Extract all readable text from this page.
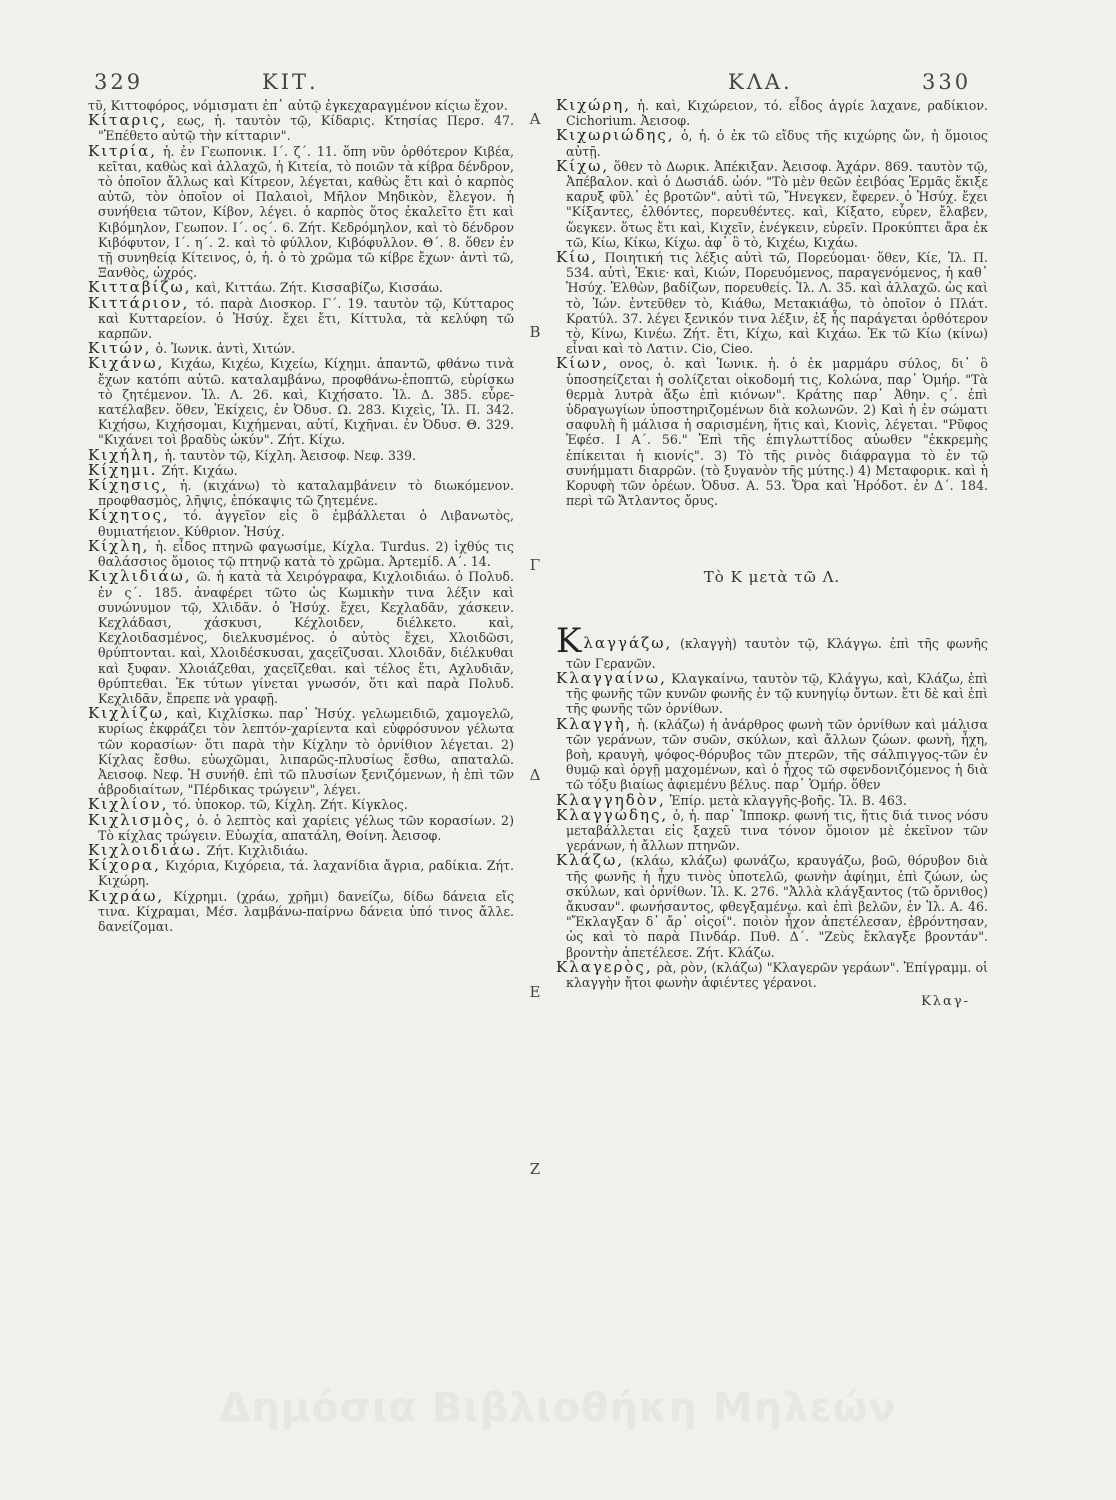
329	ΚΙΤ.	ΚΛΑ.	330

τῦ, Κιττοφόρος, νόμισματι ἐπ᾽ αὐτῷ ἐγκεχαραγμένον κίςιω ἔχον.

Κίταρις, εως, ἡ. ταυτὸν τῷ, Κίδαρις. Κτησίας Περσ. 47. "Ἐπέθετο αὐτῷ τὴν κίτταριν".

Κιτρία, ἡ. ἐν Γεωπονικ. Ι΄. ζ΄. 11. ὅπη νῦν ὀρθότερον Κιβέα, κεῖται, καθὼς καὶ ἀλλαχῶ, ἡ Κιτεία, τὸ ποιῶν τὰ κίβρα δένδρον, τὸ ὁποῖον ἄλλως καὶ Κίτρεον, λέγεται, καθὼς ἔτι καὶ ὁ καρπὸς αὐτῶ, τὸν ὁποῖον οἱ Παλαιοὶ, Μῆλον Μηδικὸν, ἔλεγον. ἡ συνήθεια τῶτον, Κίβον, λέγει. ὁ καρπὸς ὅτος ἐκαλεῖτο ἔτι καὶ Κιβόμηλον, Γεωπον. Ι΄. ος΄. 6. Ζήτ. Κεδρόμηλον, καὶ τὸ δένδρον Κιβόφυτον, Ι΄. η΄. 2. καὶ τὸ φύλλον, Κιβόφυλλον. Θ΄. 8. ὅθεν ἐν τῇ συνηθείᾳ Κίτεινος, ὁ, ἡ. ὁ τὸ χρῶμα τῶ κίβρε ἔχων· ἀντὶ τῶ, Ξανθὸς, ὠχρός.

Κιτταβίζω, καὶ, Κιττάω. Ζήτ. Κισσαβίζω, Κισσάω.

Κιττάριον, τό. παρὰ Διοσκορ. Γ΄. 19. ταυτὸν τῷ, Κύτταρος καὶ Κυτταρείον. ὁ Ἡσύχ. ἔχει ἔτι, Κίττυλα, τὰ κελύφη τῶ καρπῶν.

Κιτών, ὁ. Ἰωνικ. ἀντὶ, Χιτών.

Κιχάνω, Κιχάω, Κιχέω, Κιχείω, Κίχημι. ἀπαντῶ, φθάνω τινὰ ἔχων κατόπι αὐτῶ. καταλαμβάνω, προφθάνω-ἐποπτῶ, εὑρίσκω τὸ ζητέμενον. Ἰλ. Λ. 26. καὶ, Κιχήσατο. Ἰλ. Δ. 385. εὗρε-κατέλαβεν. ὅθεν, Ἐκίχεις, ἐν Ὀδυσ. Ω. 283. Κιχεὶς, Ἰλ. Π. 342. Κιχήσω, Κιχήσομαι, Κιχήμεναι, αὐτί, Κιχῆναι. ἐν Ὀδυσ. Θ. 329. "Κιχάνει τοὶ βραδὺς ὠκύν". Ζήτ. Κίχω.

Κιχήλη, ἡ. ταυτὸν τῷ, Κίχλη. Ἀεισοφ. Νεφ. 339.

Κίχημι. Ζήτ. Κιχάω.

Κίχησις, ἡ. (κιχάνω) τὸ καταλαμβάνειν τὸ διωκόμενον. προφθασμὸς, λῆψις, ἐπόκαψις τῶ ζητεμένε.

Κίχητος, τό. ἀγγεῖον εἰς ὃ ἐμβάλλεται ὁ Λιβανωτὸς, θυμιατήειον. Κύθριον. Ἡσύχ.

Κίχλη, ἡ. εἶδος πτηνῶ φαγωσίμε, Κίχλα. Turdus. 2) ἰχθύς τις θαλάσσιος ὅμοιος τῷ πτηνῷ κατὰ τὸ χρῶμα. Ἀρτεμίδ. Α΄. 14.

Κιχλιδιάω, ῶ. ἡ κατὰ τὰ Χειρόγραφα, Κιχλοιδιάω. ὁ Πολυδ. ἐν ς΄. 185. ἀναφέρει τῶτο ὡς Κωμικὴν τινα λέξιν καὶ συνώνυμον τῷ, Χλιδᾶν. ὁ Ἡσύχ. ἔχει, Κεχλαδᾶν, χάσκειν. Κεχλάδασι, χάσκυσι, Κέχλοιδεν, διέλκετο. καὶ, Κεχλοιδασμένος, διελκυσμένος. ὁ αὐτὸς ἔχει, Χλοιδῶσι, θρύπτονται. καὶ, Χλοιδέσκυσαι, χαςεῖζυσαι. Χλοιδᾶν, διέλκυθαι καὶ ξυφαν. Χλοιάζεθαι, χαςεῖζεθαι. καὶ τέλος ἔτι, Αχλυδιᾶν, θρύπτεθαι. Ἐκ τύτων γίνεται γνωσόν, ὅτι καὶ παρὰ Πολυδ. Κεχλιδᾶν, ἔπρεπε νὰ γραφῇ.

Κιχλίζω, καὶ, Κιχλίσκω. παρ᾽ Ἡσύχ. γελωμειδιῶ, χαμογελῶ, κυρίως ἐκφράζει τὸν λεπτόν-χαρίεντα καὶ εὐφρόσυνον γέλωτα τῶν κορασίων· ὅτι παρὰ τὴν Κίχλην τὸ ὀρνίθιον λέγεται. 2) Κίχλας ἔσθω. εὐωχῶμαι, λιπαρῶς-πλυσίως ἔσθω, απαταλῶ. Ἀεισοφ. Νεφ. Ἡ συνήθ. ἐπὶ τῶ πλυσίων ξενιζόμενων, ἡ ἐπὶ τῶν ἁβροδιαίτων, "Πέρδικας τρώγειν", λέγει.

Κιχλίον, τό. ὑποκορ. τῶ, Κίχλη. Ζήτ. Κίγκλος.

Κιχλισμὸς, ὁ. ὁ λεπτὸς καὶ χαρίεις γέλως τῶν κορασίων. 2) Τὸ κίχλας τρώγειν. Εὐωχία, απατάλη, Θοίνη. Ἀεισοφ.

Κιχλοιδιάω. Ζήτ. Κιχλιδιάω.

Κίχορα, Κιχόρια, Κιχόρεια, τά. λαχανίδια ἄγρια, ραδίκια. Ζήτ. Κιχώρη.

Κιχράω, Κίχρημι. (χράω, χρῆμι) δανείζω, δίδω δάνεια εἴς τινα. Κίχραμαι, Μέσ. λαμβάνω-παίρνω δάνεια ὑπό τινος ἄλλε. δανείζομαι.

A
B
Γ
Δ
E
Z

Κιχώρη, ἡ. καὶ, Κιχώρειον, τό. εἶδος ἀγρίε λαχανε, ραδίκιον. Cichorium. Ἀεισοφ.

Κιχωριώδης, ὁ, ἡ. ὁ ἐκ τῶ εἴδυς τῆς κιχώρης ὤν, ἡ ὅμοιος αὐτῇ.

Κίχω, ὅθεν τὸ Δωρικ. Ἀπέκιξαν. Ἀεισοφ. Ἀχάρν. 869. ταυτὸν τῷ, Ἀπέβαλον. καὶ ὁ Δωσιάδ. ὠόν. "Τὸ μὲν θεῶν ἐειβόας Ἑρμᾶς ἔκιξε καρυξ φῦλ᾽ ἐς βροτῶν". αὐτὶ τῶ, Ἤνεγκεν, ἔφερεν. ὁ Ἡσύχ. ἔχει "Κίξαντες, ἐλθόντες, πορευθέντες. καὶ, Κίξατο, εὗρεν, ἔλαβεν, ὥεγκεν. ὅτως ἔτι καὶ, Κιχεῖν, ἐνέγκειν, εὑρεῖν. Προκύπτει ἄρα ἐκ τῶ, Κίω, Κίκω, Κίχω. ἀφ᾽ ὃ τὸ, Κιχέω, Κιχάω.

Κίω, Ποιητική τις λέξις αὐτὶ τῶ, Πορεύομαι· ὅθεν, Κίε, Ἰλ. Π. 534. αὐτὶ, Ἐκιε· καὶ, Κιών, Πορευόμενος, παραγενόμενος, ἡ καθ᾽ Ἡσύχ. Ἐλθὼν, βαδίζων, πορευθείς. Ἰλ. Λ. 35. καὶ ἀλλαχῶ. ὡς καὶ τὸ, Ἰών. ἐντεῦθεν τὸ, Κιάθω, Μετακιάθω, τὸ ὁποῖον ὁ Πλάτ. Κρατύλ. 37. λέγει ξενικόν τινα λέξιν, ἐξ ἧς παράγεται ὀρθότερον τὸ, Κίνω, Κινέω. Ζήτ. ἔτι, Κίχω, καὶ Κιχάω. Ἐκ τῶ Κίω (κίνω) εἶναι καὶ τὸ Λατιν. Cio, Cieo.

Κίων, ονος, ὁ. καὶ Ἰωνικ. ἡ. ὁ ἐκ μαρμάρυ σύλος, δι᾽ ὃ ὑποσηείζεται ἡ σολίζεται οἰκοδομή τις, Κολώνα, παρ᾽ Ὁμήρ. "Τὰ θερμὰ λυτρὰ ἄξω ἐπὶ κιόνων". Κράτης παρ᾽ Ἀθην. ς΄. ἐπὶ ὑδραγωγίων ὑποστηριζομένων διὰ κολωνῶν. 2) Καὶ ἡ ἐν σώματι σαφυλὴ ἢ μάλισα ἡ σαρισμένη, ἥτις καὶ, Κιονὶς, λέγεται. "Ρῦφος Ἐφέσ. Ι Α΄. 56." Ἐπὶ τῆς ἐπιγλωττίδος αὐωθεν "ἐκκρεμὴς ἐπίκειται ἡ κιονίς". 3) Τὸ τῆς ρινὸς διάφραγμα τὸ ἐν τῷ συνήμματι διαρρῶν. (τὸ ξυγανὸν τῆς μύτης.) 4) Μεταφορικ. καὶ ἡ Κορυφὴ τῶν ὀρέων. Ὀδυσ. Α. 53. Ὄρα καὶ Ἡρόδοτ. ἐν Δ΄. 184. περὶ τῶ Ἄτλαντος ὄρυς.

Τὸ Κ μετὰ τῶ Λ.

Κλαγγάζω, (κλαγγὴ) ταυτὸν τῷ, Κλάγγω. ἐπὶ τῆς φωνῆς τῶν Γερανῶν.

Κλαγγαίνω, Κλαγκαίνω, ταυτὸν τῷ, Κλάγγω, καὶ, Κλάζω, ἐπὶ τῆς φωνῆς τῶν κυνῶν φωνῆς ἐν τῷ κυνηγίῳ ὄντων. ἔτι δὲ καὶ ἐπὶ τῆς φωνῆς τῶν ὀρνίθων.

Κλαγγὴ, ἡ. (κλάζω) ἡ ἀνάρθρος φωνὴ τῶν ὀρνίθων καὶ μάλισα τῶν γεράνων, τῶν συῶν, σκύλων, καὶ ἄλλων ζώων. φωνὴ, ἦχη, βοὴ, κραυγὴ, ψόφος-θόρυβος τῶν πτερῶν, τῆς σάλπιγγος-τῶν ἐν θυμῷ καὶ ὀργῇ μαχομένων, καὶ ὁ ἦχος τῶ σφενδονιζόμενος ἡ διὰ τῶ τόξυ βιαίως ἀφιεμένυ βέλυς. παρ᾽ Ὁμήρ. ὅθεν

Κλαγγηδὸν, Ἐπίρ. μετὰ κλαγγῆς-βοῆς. Ἰλ. Β. 463.

Κλαγγώδης, ὁ, ἡ. παρ᾽ Ἱπποκρ. φωνή τις, ἥτις διά τινος νόσυ μεταβάλλεται εἰς ξαχεῦ τινα τόνον ὅμοιον μὲ ἐκεῖνον τῶν γεράνων, ἡ ἄλλων πτηνῶν.

Κλάζω, (κλάω, κλάζω) φωνάζω, κραυγάζω, βοῶ, θόρυβον διὰ τῆς φωνῆς ἡ ἦχυ τινὸς ὑποτελῶ, φωνὴν ἀφίημι, ἐπὶ ζώων, ὡς σκύλων, καὶ ὀρνίθων. Ἰλ. Κ. 276. "Ἀλλὰ κλάγξαντος (τῶ ὄρνιθος) ἄκυσαν". φωνήσαντος, φθεγξαμένω. καὶ ἐπὶ βελῶν, ἐν Ἰλ. Α. 46. "Ἔκλαγξαν δ᾽ ἄρ᾽ οἰςοί". ποιὸν ἦχον ἀπετέλεσαν, ἐβρόντησαν, ὡς καὶ τὸ παρὰ Πινδάρ. Πυθ. Δ΄. "Ζεὺς ἔκλαγξε βροντάν". βροντὴν ἀπετέλεσε. Ζήτ. Κλάζω.

Κλαγερὸς, ρὰ, ρὸν, (κλάζω) "Κλαγερῶν γεράων". Ἐπίγραμμ. οἱ κλαγγὴν ἤτοι φωνὴν ἀφιέντες γέρανοι.

Κλαγ-
Δημόσια Βιβλιοθήκη Μηλεών
